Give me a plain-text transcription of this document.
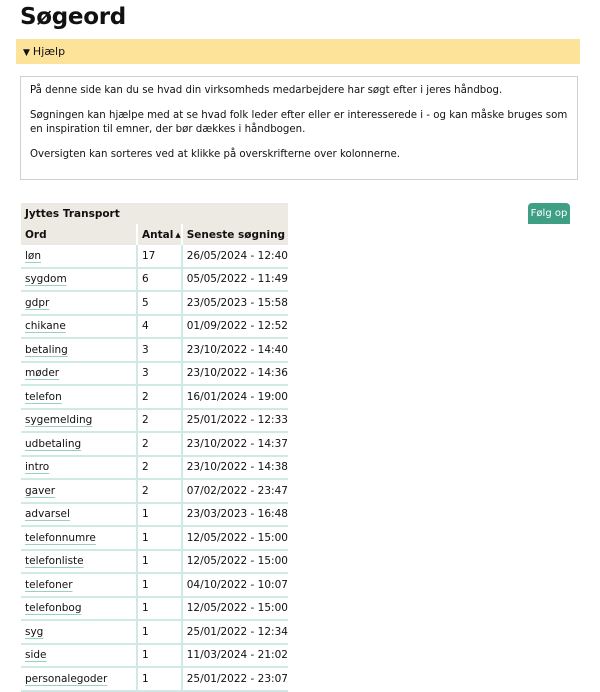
Søgeord
▼ Hjælp

På denne side kan du se hvad din virksomheds medarbejdere har søgt efter i jeres håndbog.

Søgningen kan hjælpe med at se hvad folk leder efter eller er interesserede i - og kan måske bruges som en inspiration til emner, der bør dækkes i håndbogen.

Oversigten kan sorteres ved at klikke på overskrifterne over kolonnerne.

Følg op
Jyttes Transport		
Ord	Antal ▲	Seneste søgning
løn	17	26/05/2024 - 12:40
sygdom	6	05/05/2022 - 11:49
gdpr	5	23/05/2023 - 15:58
chikane	4	01/09/2022 - 12:52
betaling	3	23/10/2022 - 14:40
møder	3	23/10/2022 - 14:36
telefon	2	16/01/2024 - 19:00
sygemelding	2	25/01/2022 - 12:33
udbetaling	2	23/10/2022 - 14:37
intro	2	23/10/2022 - 14:38
gaver	2	07/02/2022 - 23:47
advarsel	1	23/03/2023 - 16:48
telefonnumre	1	12/05/2022 - 15:00
telefonliste	1	12/05/2022 - 15:00
telefoner	1	04/10/2022 - 10:07
telefonbog	1	12/05/2022 - 15:00
syg	1	25/01/2022 - 12:34
side	1	11/03/2024 - 21:02
personalegoder	1	25/01/2022 - 23:07
